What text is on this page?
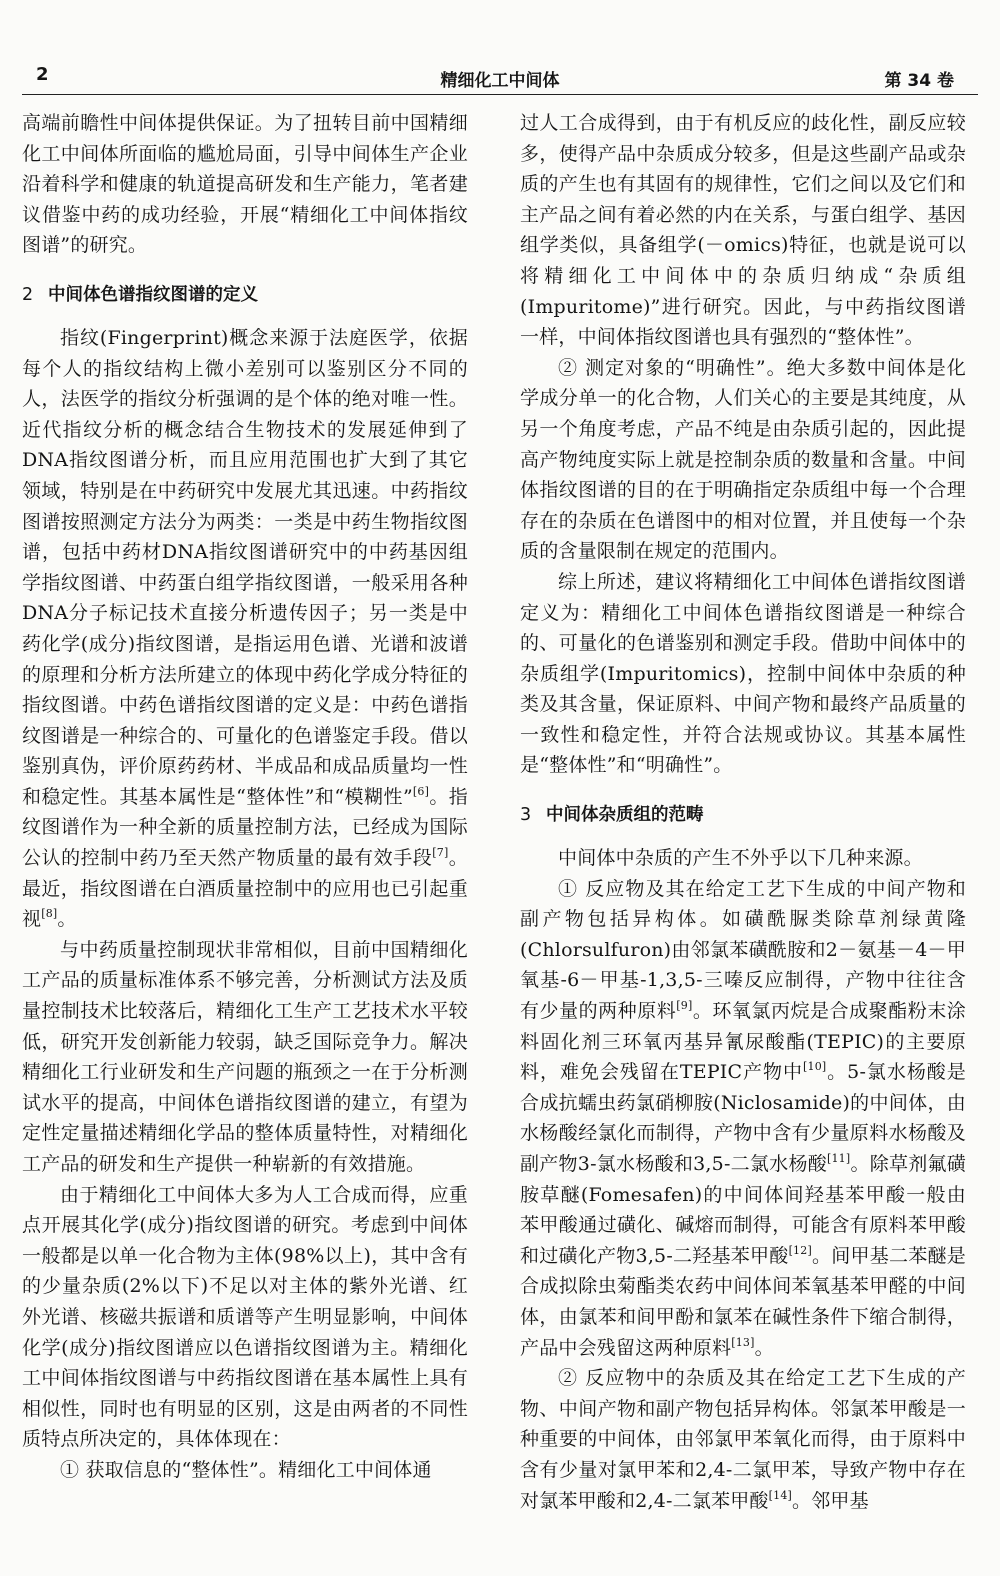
2	精细化工中间体	第 34 卷

高端前瞻性中间体提供保证。为了扭转目前中国精细化工中间体所面临的尴尬局面，引导中间体生产企业沿着科学和健康的轨道提高研发和生产能力，笔者建议借鉴中药的成功经验，开展“精细化工中间体指纹图谱”的研究。

2 中间体色谱指纹图谱的定义

指纹(Fingerprint)概念来源于法庭医学，依据每个人的指纹结构上微小差别可以鉴别区分不同的人，法医学的指纹分析强调的是个体的绝对唯一性。近代指纹分析的概念结合生物技术的发展延伸到了DNA指纹图谱分析，而且应用范围也扩大到了其它领域，特别是在中药研究中发展尤其迅速。中药指纹图谱按照测定方法分为两类：一类是中药生物指纹图谱，包括中药材DNA指纹图谱研究中的中药基因组学指纹图谱、中药蛋白组学指纹图谱，一般采用各种DNA分子标记技术直接分析遗传因子；另一类是中药化学(成分)指纹图谱，是指运用色谱、光谱和波谱的原理和分析方法所建立的体现中药化学成分特征的指纹图谱。中药色谱指纹图谱的定义是：中药色谱指纹图谱是一种综合的、可量化的色谱鉴定手段。借以鉴别真伪，评价原药药材、半成品和成品质量均一性和稳定性。其基本属性是“整体性”和“模糊性”[6]。指纹图谱作为一种全新的质量控制方法，已经成为国际公认的控制中药乃至天然产物质量的最有效手段[7]。最近，指纹图谱在白酒质量控制中的应用也已引起重视[8]。

与中药质量控制现状非常相似，目前中国精细化工产品的质量标准体系不够完善，分析测试方法及质量控制技术比较落后，精细化工生产工艺技术水平较低，研究开发创新能力较弱，缺乏国际竞争力。解决精细化工行业研发和生产问题的瓶颈之一在于分析测试水平的提高，中间体色谱指纹图谱的建立，有望为定性定量描述精细化学品的整体质量特性，对精细化工产品的研发和生产提供一种崭新的有效措施。

由于精细化工中间体大多为人工合成而得，应重点开展其化学(成分)指纹图谱的研究。考虑到中间体一般都是以单一化合物为主体(98%以上)，其中含有的少量杂质(2%以下)不足以对主体的紫外光谱、红外光谱、核磁共振谱和质谱等产生明显影响，中间体化学(成分)指纹图谱应以色谱指纹图谱为主。精细化工中间体指纹图谱与中药指纹图谱在基本属性上具有相似性，同时也有明显的区别，这是由两者的不同性质特点所决定的，具体体现在：

① 获取信息的“整体性”。精细化工中间体通

过人工合成得到，由于有机反应的歧化性，副反应较多，使得产品中杂质成分较多，但是这些副产品或杂质的产生也有其固有的规律性，它们之间以及它们和主产品之间有着必然的内在关系，与蛋白组学、基因组学类似，具备组学(－omics)特征，也就是说可以将精细化工中间体中的杂质归纳成“杂质组(Impuritome)”进行研究。因此，与中药指纹图谱一样，中间体指纹图谱也具有强烈的“整体性”。

② 测定对象的“明确性”。绝大多数中间体是化学成分单一的化合物，人们关心的主要是其纯度，从另一个角度考虑，产品不纯是由杂质引起的，因此提高产物纯度实际上就是控制杂质的数量和含量。中间体指纹图谱的目的在于明确指定杂质组中每一个合理存在的杂质在色谱图中的相对位置，并且使每一个杂质的含量限制在规定的范围内。

综上所述，建议将精细化工中间体色谱指纹图谱定义为：精细化工中间体色谱指纹图谱是一种综合的、可量化的色谱鉴别和测定手段。借助中间体中的杂质组学(Impuritomics)，控制中间体中杂质的种类及其含量，保证原料、中间产物和最终产品质量的一致性和稳定性，并符合法规或协议。其基本属性是“整体性”和“明确性”。

3 中间体杂质组的范畴

中间体中杂质的产生不外乎以下几种来源。

① 反应物及其在给定工艺下生成的中间产物和副产物包括异构体。如磺酰脲类除草剂绿黄隆(Chlorsulfuron)由邻氯苯磺酰胺和2－氨基－4－甲氧基-6－甲基-1,3,5-三嗪反应制得，产物中往往含有少量的两种原料[9]。环氧氯丙烷是合成聚酯粉末涂料固化剂三环氧丙基异氰尿酸酯(TEPIC)的主要原料，难免会残留在TEPIC产物中[10]。5-氯水杨酸是合成抗蠕虫药氯硝柳胺(Niclosamide)的中间体，由水杨酸经氯化而制得，产物中含有少量原料水杨酸及副产物3-氯水杨酸和3,5-二氯水杨酸[11]。除草剂氟磺胺草醚(Fomesafen)的中间体间羟基苯甲酸一般由苯甲酸通过磺化、碱熔而制得，可能含有原料苯甲酸和过磺化产物3,5-二羟基苯甲酸[12]。间甲基二苯醚是合成拟除虫菊酯类农药中间体间苯氧基苯甲醛的中间体，由氯苯和间甲酚和氯苯在碱性条件下缩合制得，产品中会残留这两种原料[13]。

② 反应物中的杂质及其在给定工艺下生成的产物、中间产物和副产物包括异构体。邻氯苯甲酸是一种重要的中间体，由邻氯甲苯氧化而得，由于原料中含有少量对氯甲苯和2,4-二氯甲苯，导致产物中存在对氯苯甲酸和2,4-二氯苯甲酸[14]。邻甲基
